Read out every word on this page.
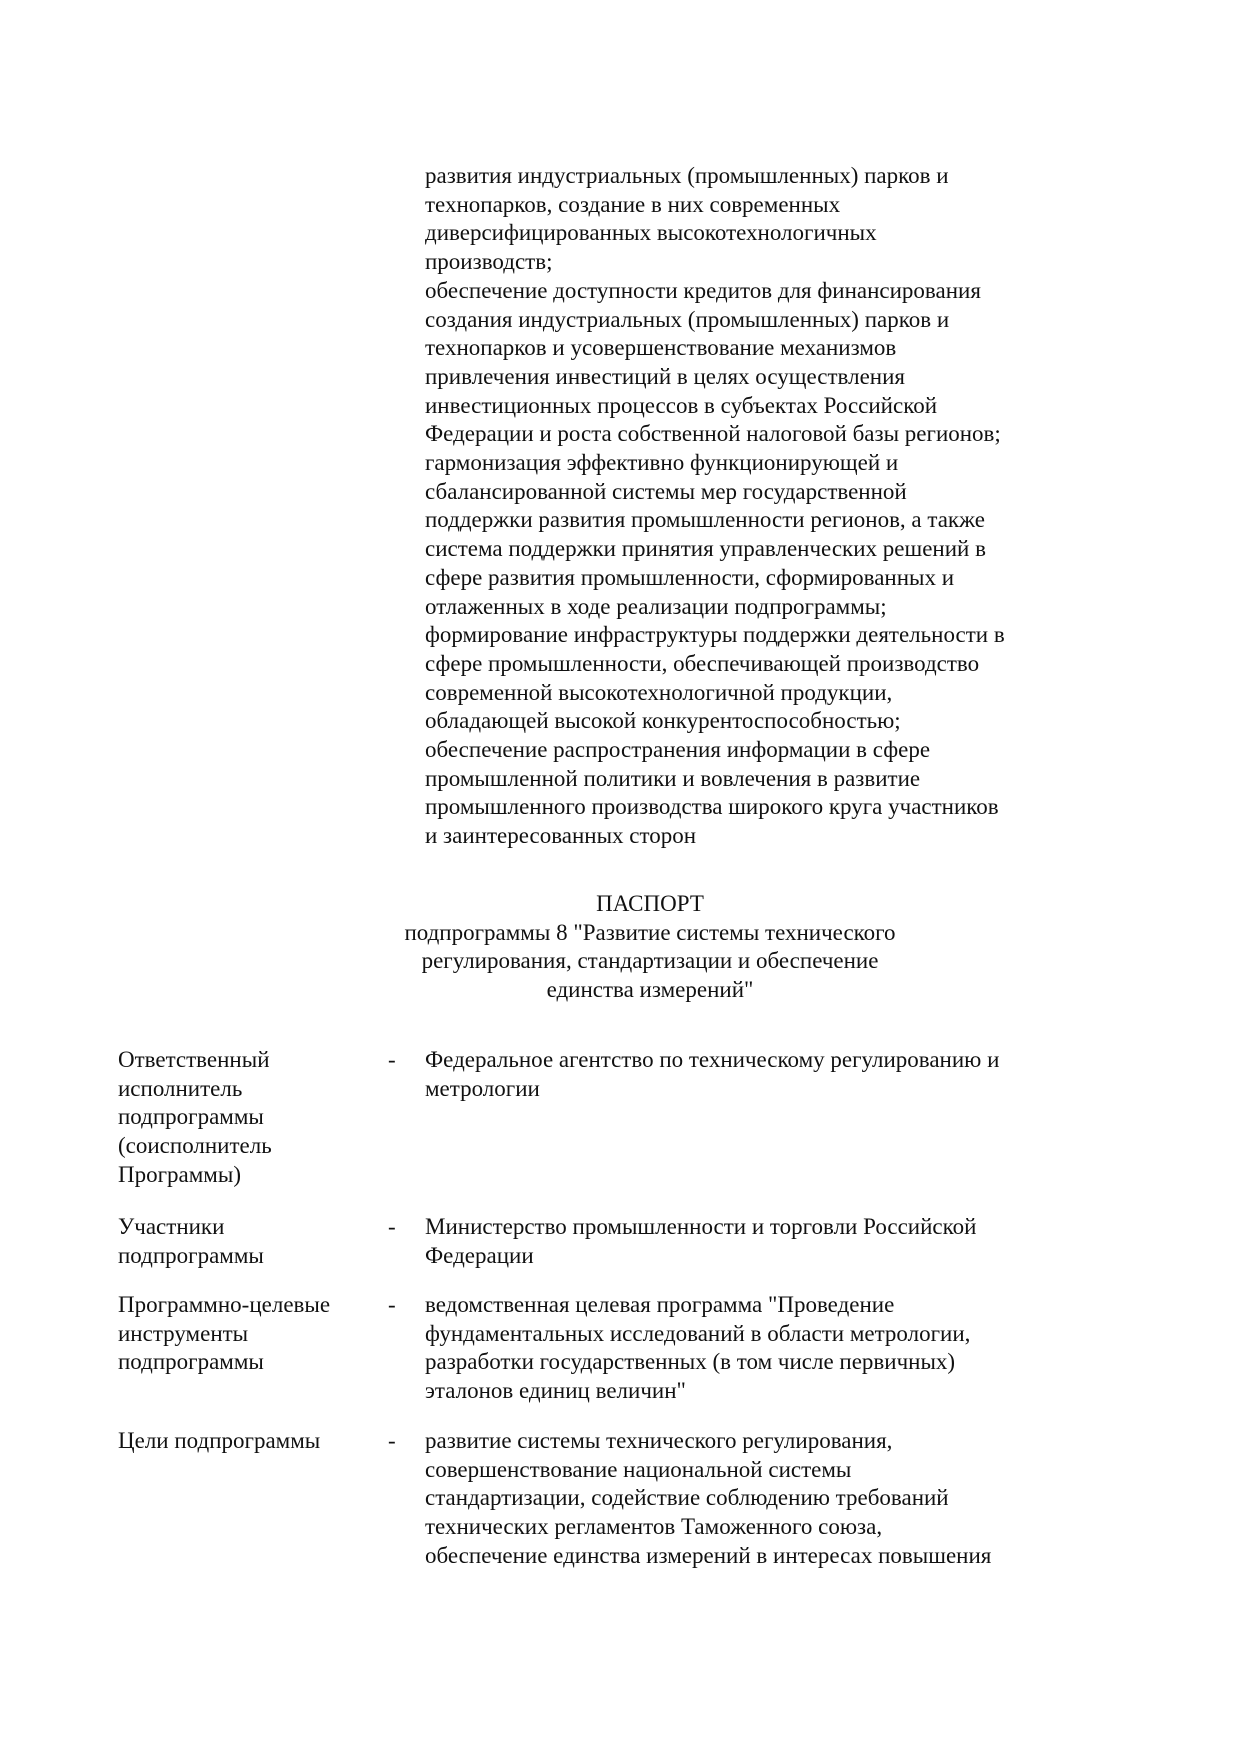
развития индустриальных (промышленных) парков и
технопарков, создание в них современных
диверсифицированных высокотехнологичных
производств;
обеспечение доступности кредитов для финансирования
создания индустриальных (промышленных) парков и
технопарков и усовершенствование механизмов
привлечения инвестиций в целях осуществления
инвестиционных процессов в субъектах Российской
Федерации и роста собственной налоговой базы регионов;
гармонизация эффективно функционирующей и
сбалансированной системы мер государственной
поддержки развития промышленности регионов, а также
система поддержки принятия управленческих решений в
сфере развития промышленности, сформированных и
отлаженных в ходе реализации подпрограммы;
формирование инфраструктуры поддержки деятельности в
сфере промышленности, обеспечивающей производство
современной высокотехнологичной продукции,
обладающей высокой конкурентоспособностью;
обеспечение распространения информации в сфере
промышленной политики и вовлечения в развитие
промышленного производства широкого круга участников
и заинтересованных сторон
ПАСПОРТ
подпрограммы 8 "Развитие системы технического
регулирования, стандартизации и обеспечение
единства измерений"
Ответственный
исполнитель
подпрограммы
(соисполнитель
Программы)
- Федеральное агентство по техническому регулированию и
метрологии
Участники
подпрограммы
- Министерство промышленности и торговли Российской
Федерации
Программно-целевые
инструменты
подпрограммы
- ведомственная целевая программа "Проведение
фундаментальных исследований в области метрологии,
разработки государственных (в том числе первичных)
эталонов единиц величин"
Цели подпрограммы	- развитие системы технического регулирования,
совершенствование национальной системы
стандартизации, содействие соблюдению требований
технических регламентов Таможенного союза,
обеспечение единства измерений в интересах повышения
